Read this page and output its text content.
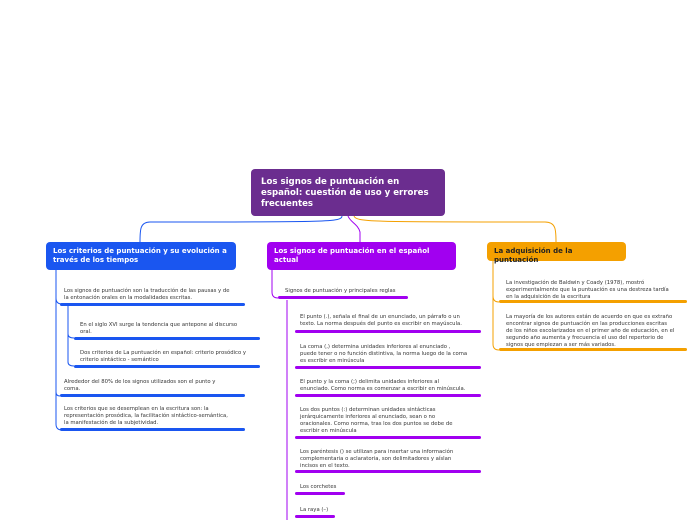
Los signos de puntuación en
español: cuestión de uso y errores
frecuentes
Los criterios de puntuación y su evolución a
través de los tiempos
Los signos de puntuación son la traducción de las pausas y de
la entonación orales en la modalidades escritas.
En el siglo XVI surge la tendencia que antepone al discurso
oral.
Dos criterios de La puntuación en español: criterio prosódico y
criterio sintáctico - semántico
Alrededor del 80% de los signos utilizados son el punto y
coma.
Los criterios que se desemplean en la escritura son: la
representación prosódica, la facilitación sintáctico-semántica,
la manifestación de la subjetividad.
Los signos de puntuación en el español
actual
Signos de puntuación y principales reglas
El punto (.), señala el final de un enunciado, un párrafo o un
texto. La norma después del punto es escribir en mayúscula.
La coma (,) determina unidades inferiores al enunciado ,
puede tener o no función distintiva, la norma luego de la coma
es escribir en minúscula
El punto y la coma (;) delimita unidades inferiores al
enunciado. Como norma es comenzar a escribir en minúscula.
Los dos puntos (:) determinan unidades sintácticas
jerárquicamente inferiores al enunciado, sean o no
oracionales. Como norma, tras los dos puntos se debe de
escribir en minúscula
Los paréntesis () se utilizan para insertar una información
complementaria o aclaratoria, son delimitadores y aíslan
incisos en el texto.
Los corchetes
La raya (–)
La adquisición de la puntuación
La investigación de Baldwin y Coady (1978), mostró
experimentalmente que la puntuación es una destreza tardía
en la adquisición de la escritura
La mayoría de los autores están de acuerdo en que es extraño
encontrar signos de puntuación en las producciones escritas
de los niños escolarizados en el primer año de educación, en el
segundo año aumenta y frecuencia el uso del repertorio de
signos que empiezan a ser más variados.
